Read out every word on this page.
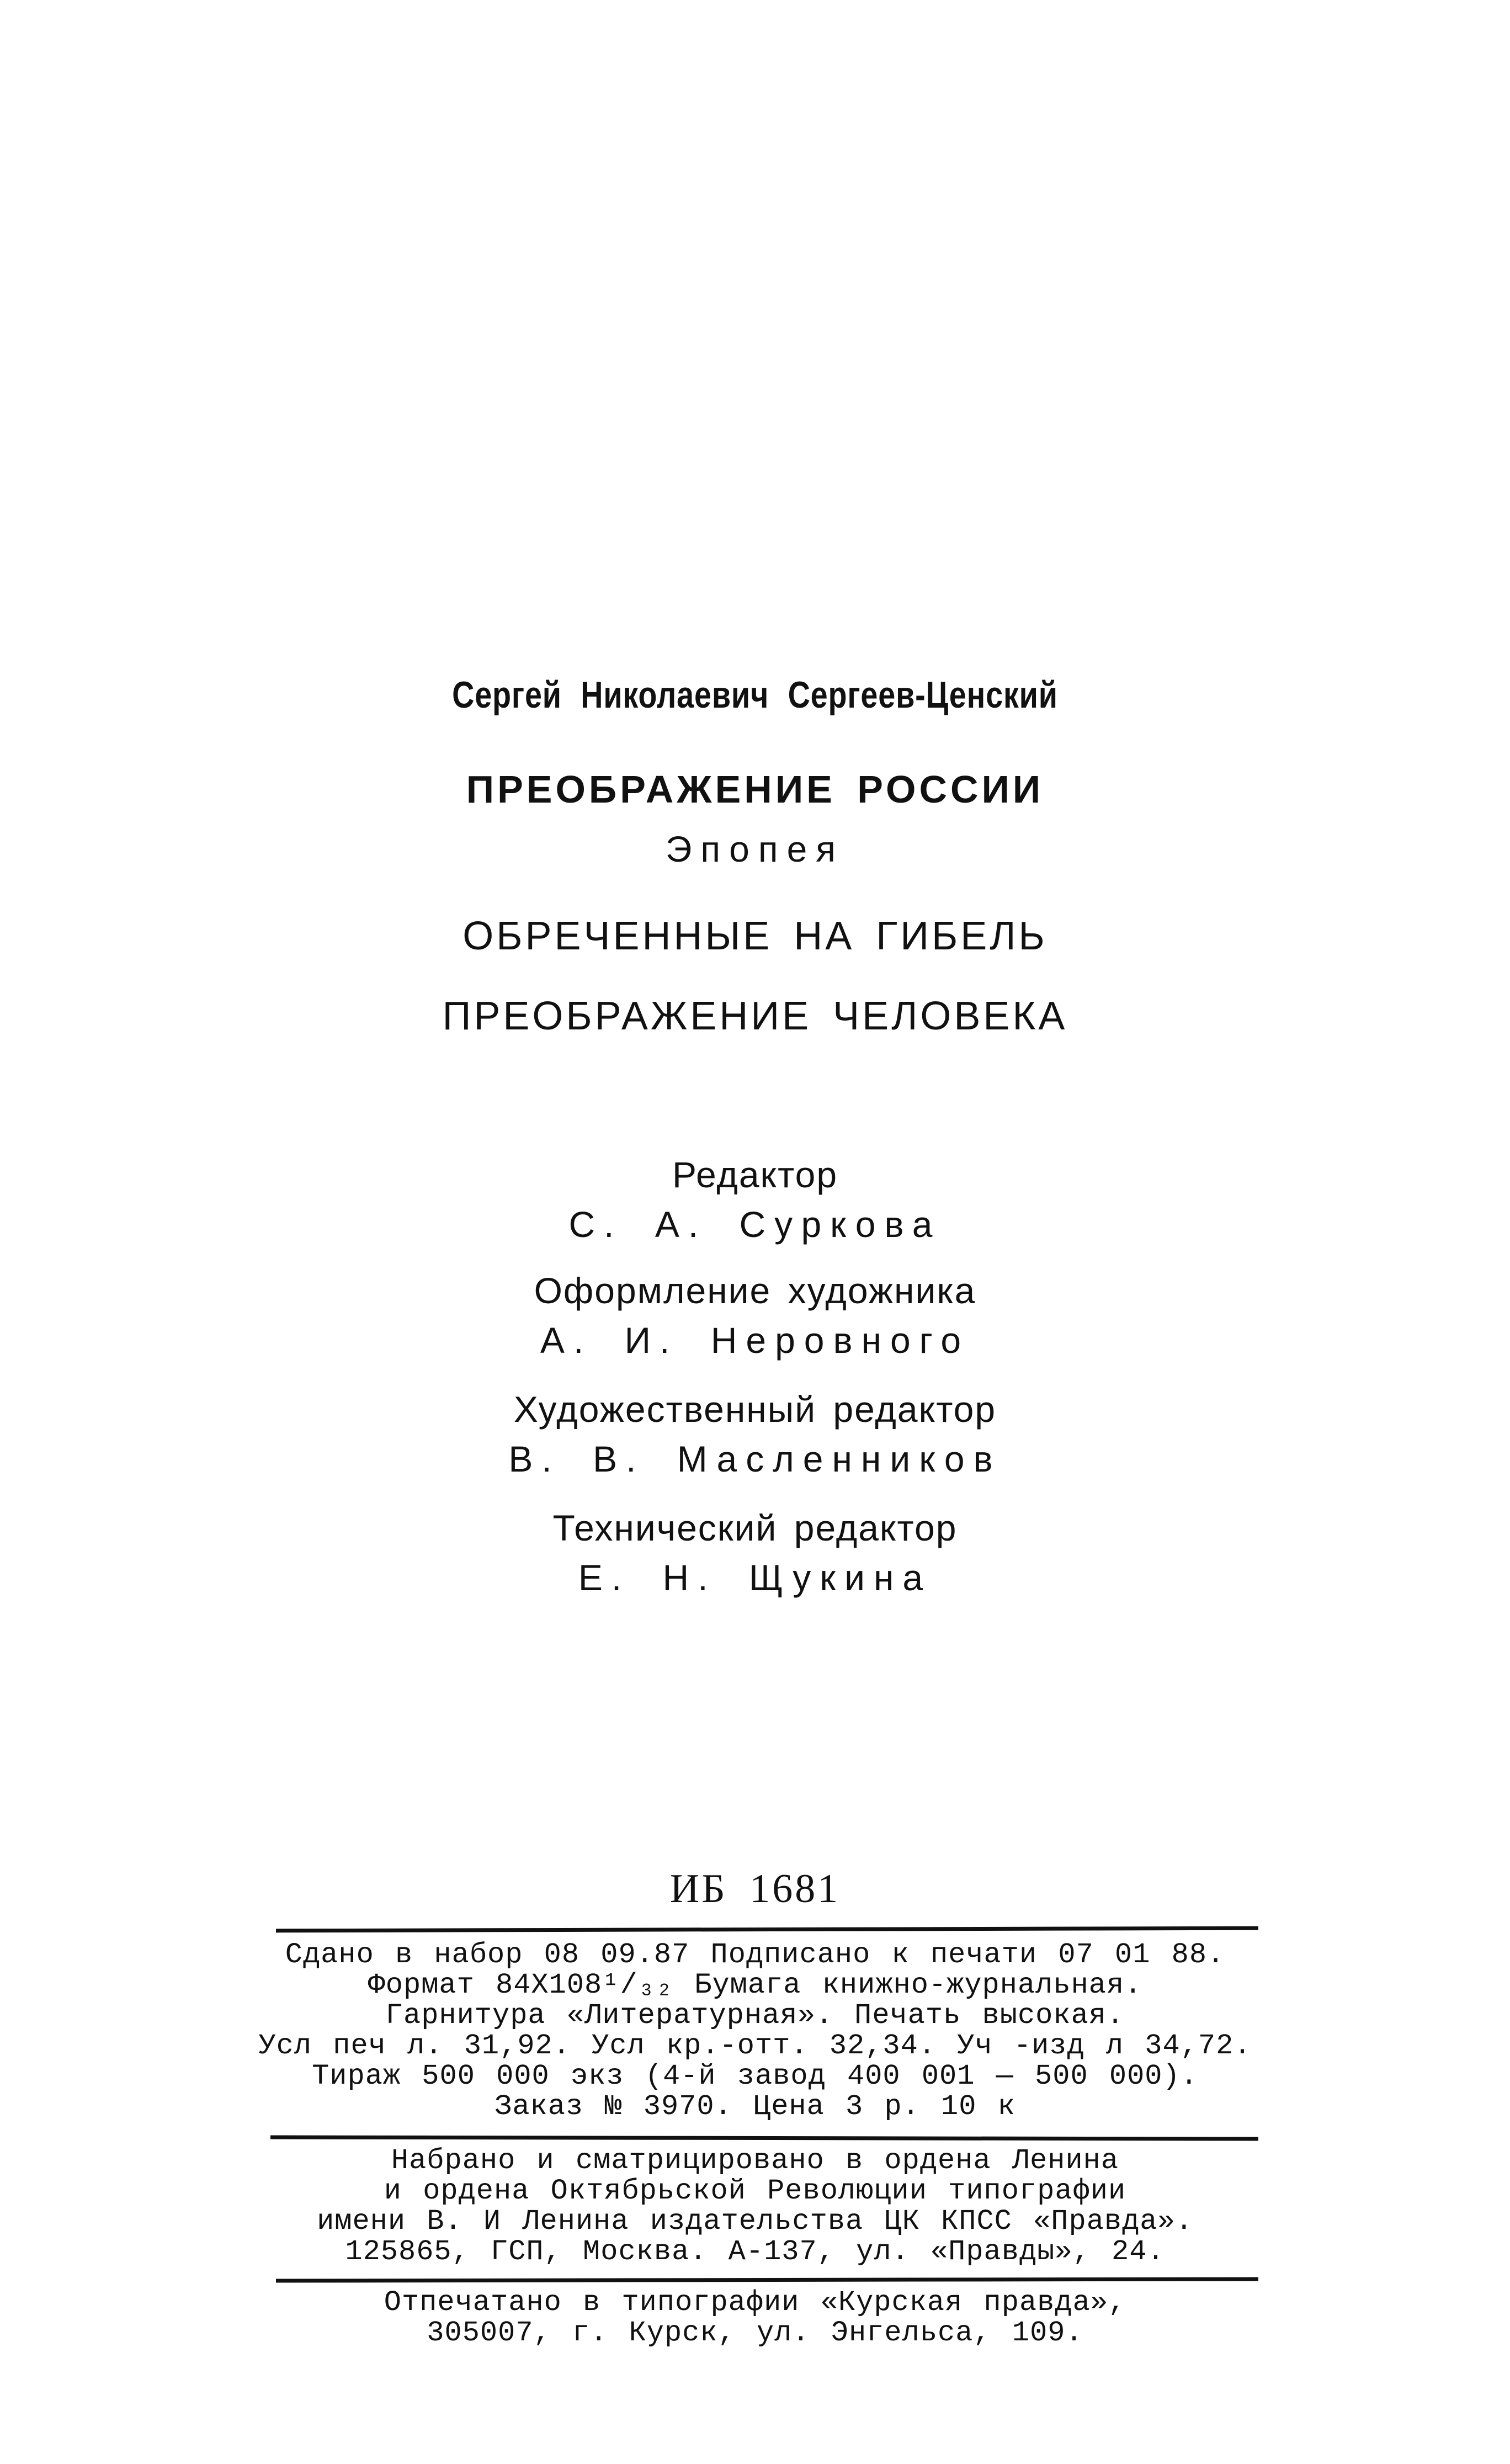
Сергей Николаевич Сергеев-Ценский
ПРЕОБРАЖЕНИЕ РОССИИ
Эпопея
ОБРЕЧЕННЫЕ НА ГИБЕЛЬ
ПРЕОБРАЖЕНИЕ ЧЕЛОВЕКА
Редактор
С. А. Суркова
Оформление художника
А. И. Неровного
Художественный редактор
В. В. Масленников
Технический редактор
Е. Н. Щукина
ИБ 1681
Сдано в набор 08 09.87 Подписано к печати 07 01 88.
Формат 84Х108¹/₃₂ Бумага книжно-журнальная.
Гарнитура «Литературная». Печать высокая.
Усл печ л. 31,92. Усл кр.-отт. 32,34. Уч -изд л 34,72.
Тираж 500 000 экз (4-й завод 400 001 — 500 000).
Заказ № 3970. Цена 3 р. 10 к
Набрано и сматрицировано в ордена Ленина
и ордена Октябрьской Революции типографии
имени В. И Ленина издательства ЦК КПСС «Правда».
125865, ГСП, Москва. А-137, ул. «Правды», 24.
Отпечатано в типографии «Курская правда»,
305007, г. Курск, ул. Энгельса, 109.
